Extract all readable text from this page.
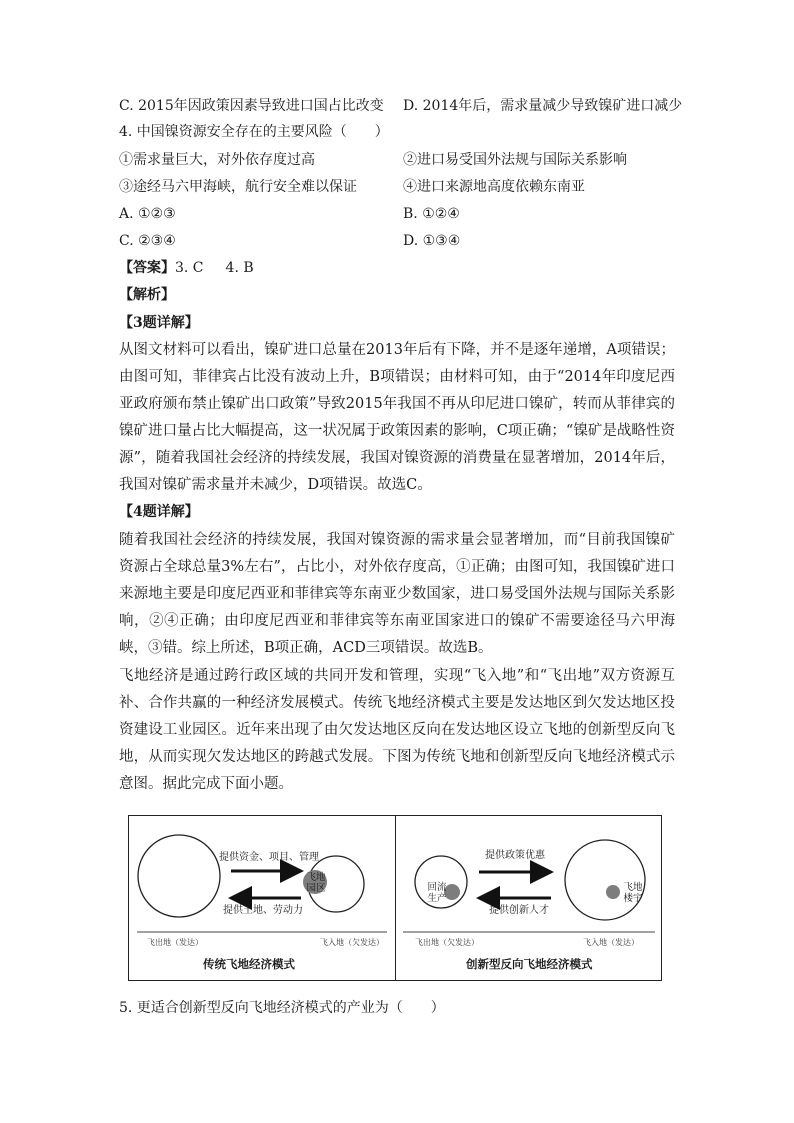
C. 2015年因政策因素导致进口国占比改变 D. 2014年后，需求量减少导致镍矿进口减少
4. 中国镍资源安全存在的主要风险（　　）
①需求量巨大，对外依存度过高	②进口易受国外法规与国际关系影响
③途经马六甲海峡，航行安全难以保证	④进口来源地高度依赖东南亚
A. ①②③	B. ①②④
C. ②③④	D. ①③④
【答案】3. C 4. B
【解析】
【3题详解】
从图文材料可以看出，镍矿进口总量在2013年后有下降，并不是逐年递增，A项错误；由图可知，菲律宾占比没有波动上升，B项错误；由材料可知，由于“2014年印度尼西亚政府颁布禁止镍矿出口政策”导致2015年我国不再从印尼进口镍矿，转而从菲律宾的镍矿进口量占比大幅提高，这一状况属于政策因素的影响，C项正确；“镍矿是战略性资源”，随着我国社会经济的持续发展，我国对镍资源的消费量在显著增加，2014年后，我国对镍矿需求量并未减少，D项错误。故选C。
【4题详解】
随着我国社会经济的持续发展，我国对镍资源的需求量会显著增加，而“目前我国镍矿资源占全球总量3%左右”，占比小，对外依存度高，①正确；由图可知，我国镍矿进口来源地主要是印度尼西亚和菲律宾等东南亚少数国家，进口易受国外法规与国际关系影响，②④正确；由印度尼西亚和菲律宾等东南亚国家进口的镍矿不需要途径马六甲海峡，③错。综上所述，B项正确，ACD三项错误。故选B。
飞地经济是通过跨行政区域的共同开发和管理，实现“飞入地”和“飞出地”双方资源互补、合作共赢的一种经济发展模式。传统飞地经济模式主要是发达地区到欠发达地区投资建设工业园区。近年来出现了由欠发达地区反向在发达地区设立飞地的创新型反向飞地，从而实现欠发达地区的跨越式发展。下图为传统飞地和创新型反向飞地经济模式示意图。据此完成下面小题。
提供资金、项目、管理
提供土地、劳动力
飞地园区
飞出地（发达）	飞入地（欠发达）
传统飞地经济模式
提供政策优惠
提供创新人才
回流生产
飞地楼宇
飞出地（欠发达）	飞入地（发达）
创新型反向飞地经济模式
5. 更适合创新型反向飞地经济模式的产业为（　　）
